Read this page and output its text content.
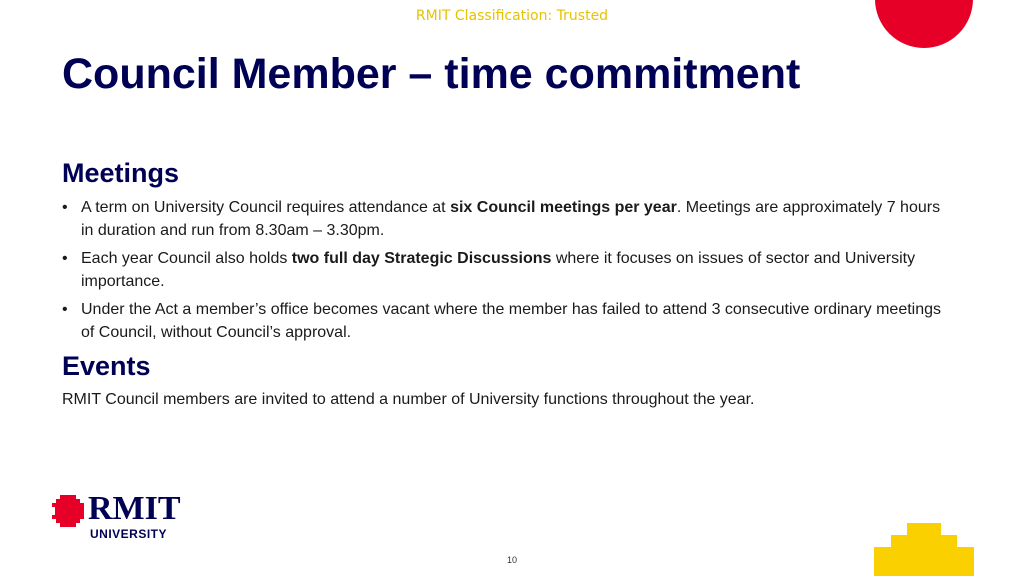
RMIT Classification: Trusted
Council Member – time commitment
Meetings
• A term on University Council requires attendance at six Council meetings per year. Meetings are approximately 7 hours in duration and run from 8.30am – 3.30pm.
• Each year Council also holds two full day Strategic Discussions where it focuses on issues of sector and University importance.
• Under the Act a member’s office becomes vacant where the member has failed to attend 3 consecutive ordinary meetings of Council, without Council’s approval.
Events

RMIT Council members are invited to attend a number of University functions throughout the year.

RMIT
UNIVERSITY
10
